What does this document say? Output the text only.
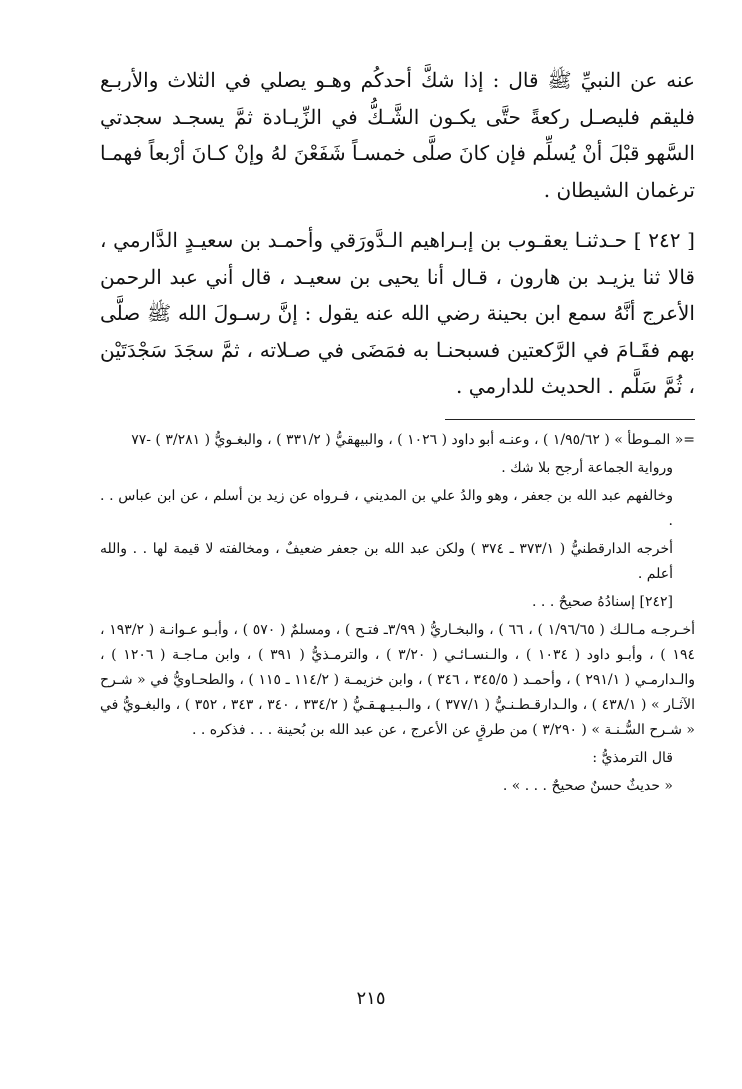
عنه عن النبيِّ ﷺ قال : إذا شكَّ أحدكُم وهـو يصلي في الثلاث والأربـع فليقم فليصـل ركعةً حتَّى يكـون الشَّـكُّ في الزِّيـادة ثمَّ يسجـد سجدتي السَّهو قبْلَ أنْ يُسلِّم فإن كانَ صلَّى خمسـاً شَفَعْنَ لهُ وإنْ كـانَ أرْبعاً فهمـا ترغمان الشيطان .

[ ٢٤٢ ] حـدثنـا يعقـوب بن إبـراهيم الـدَّورَقي وأحمـد بن سعيـدٍ الدَّارمي ، قالا ثنا يزيـد بن هارون ، قـال أنا يحيى بن سعيـد ، قال أني عبد الرحمن الأعرج أنَّهُ سمع ابن بحينة رضي الله عنه يقول : إنَّ رسـولَ الله ﷺ صلَّى بهم فقَـامَ في الرَّكعتين فسبحنـا به فمَضَى في صـلاته ، ثمَّ سجَدَ سَجْدَتَيْن ، ثُمَّ سَلَّم . الحديث للدارمي .

=« المـوطأ » ( ١/٩٥/٦٢ ) ، وعنـه أبو داود ( ١٠٢٦ ) ، والبيهقيُّ ( ٣٣١/٢ ) ، والبغـويُّ ( ٣/٢٨١ ) -٧٧

ورواية الجماعة أرجح بلا شك .

وخالفهم عبد الله بن جعفر ، وهو والدُ علي بن المديني ، فـرواه عن زيد بن أسلم ، عن ابن عباس . . .

أخرجه الدارقطنيُّ ( ٣٧٣/١ ـ ٣٧٤ ) ولكن عبد الله بن جعفر ضعيفٌ ، ومخالفته لا قيمة لها . . والله أعلم .

[٢٤٢] إسنادُهُ صحيحٌ . . .

أخـرجـه مـالـك ( ١/٩٦/٦٥ ) ، ٦٦ ) ، والبخـاريُّ ( ٣/٩٩ـ فتـح ) ، ومسلمٌ ( ٥٧٠ ) ، وأبـو عـوانـة ( ١٩٣/٢ ، ١٩٤ ) ، وأبـو داود ( ١٠٣٤ ) ، والـنسـائـي ( ٣/٢٠ ) ، والترمـذيُّ ( ٣٩١ ) ، وابن مـاجـة ( ١٢٠٦ ) ، والـدارمـي ( ٢٩١/١ ) ، وأحمـد ( ٣٤٥/٥ ، ٣٤٦ ) ، وابن خزيمـة ( ١١٤/٢ ـ ١١٥ ) ، والطحـاويُّ في « شـرح الآثـار » ( ٤٣٨/١ ) ، والـدارقـطـنـيُّ ( ٣٧٧/١ ) ، والـبـيـهـقـيُّ ( ٣٣٤/٢ ، ٣٤٠ ، ٣٤٣ ، ٣٥٢ ) ، والبغـويُّ في « شـرح السُّـنـة » ( ٣/٢٩٠ ) من طرقٍ عن الأعرج ، عن عبد الله بن بُحينة . . . فذكره . .

قال الترمذيُّ :

« حديثٌ حسنٌ صحيحٌ . . . » .

٢١٥
